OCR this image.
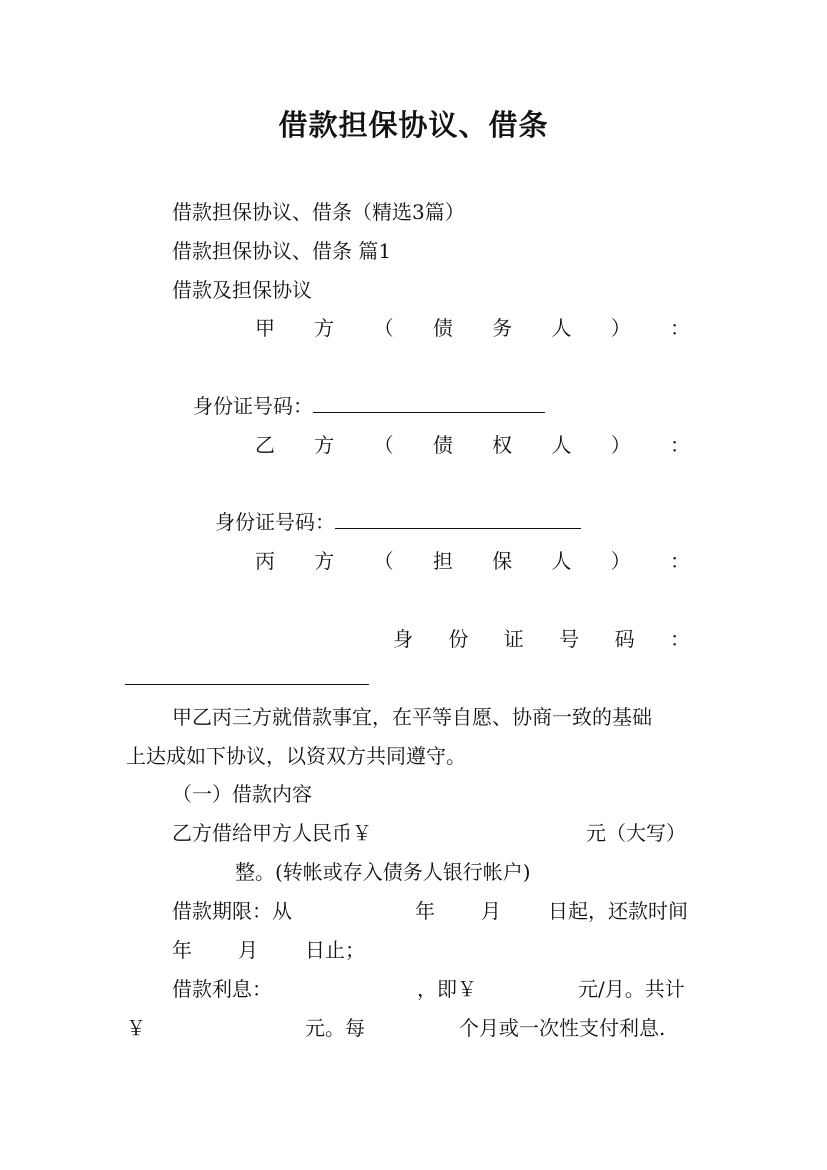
借款担保协议、借条
借款担保协议、借条（精选3篇）
借款担保协议、借条 篇1
借款及担保协议
甲 方 （ 债 务 人 ） ：
身份证号码：
乙 方 （ 债 权 人 ） ：
身份证号码：
丙 方 （ 担 保 人 ） ：
身 份 证 号 码 ：
甲乙丙三方就借款事宜，在平等自愿、协商一致的基础
上达成如下协议，以资双方共同遵守。
（一）借款内容
乙方借给甲方人民币￥	元（大写）
整。(转帐或存入债务人银行帐户)
借款期限：从	年 月 日起，还款时间
年 月 日止；
借款利息：	，即￥	元/月。共计
￥	元。每	个月或一次性支付利息.
